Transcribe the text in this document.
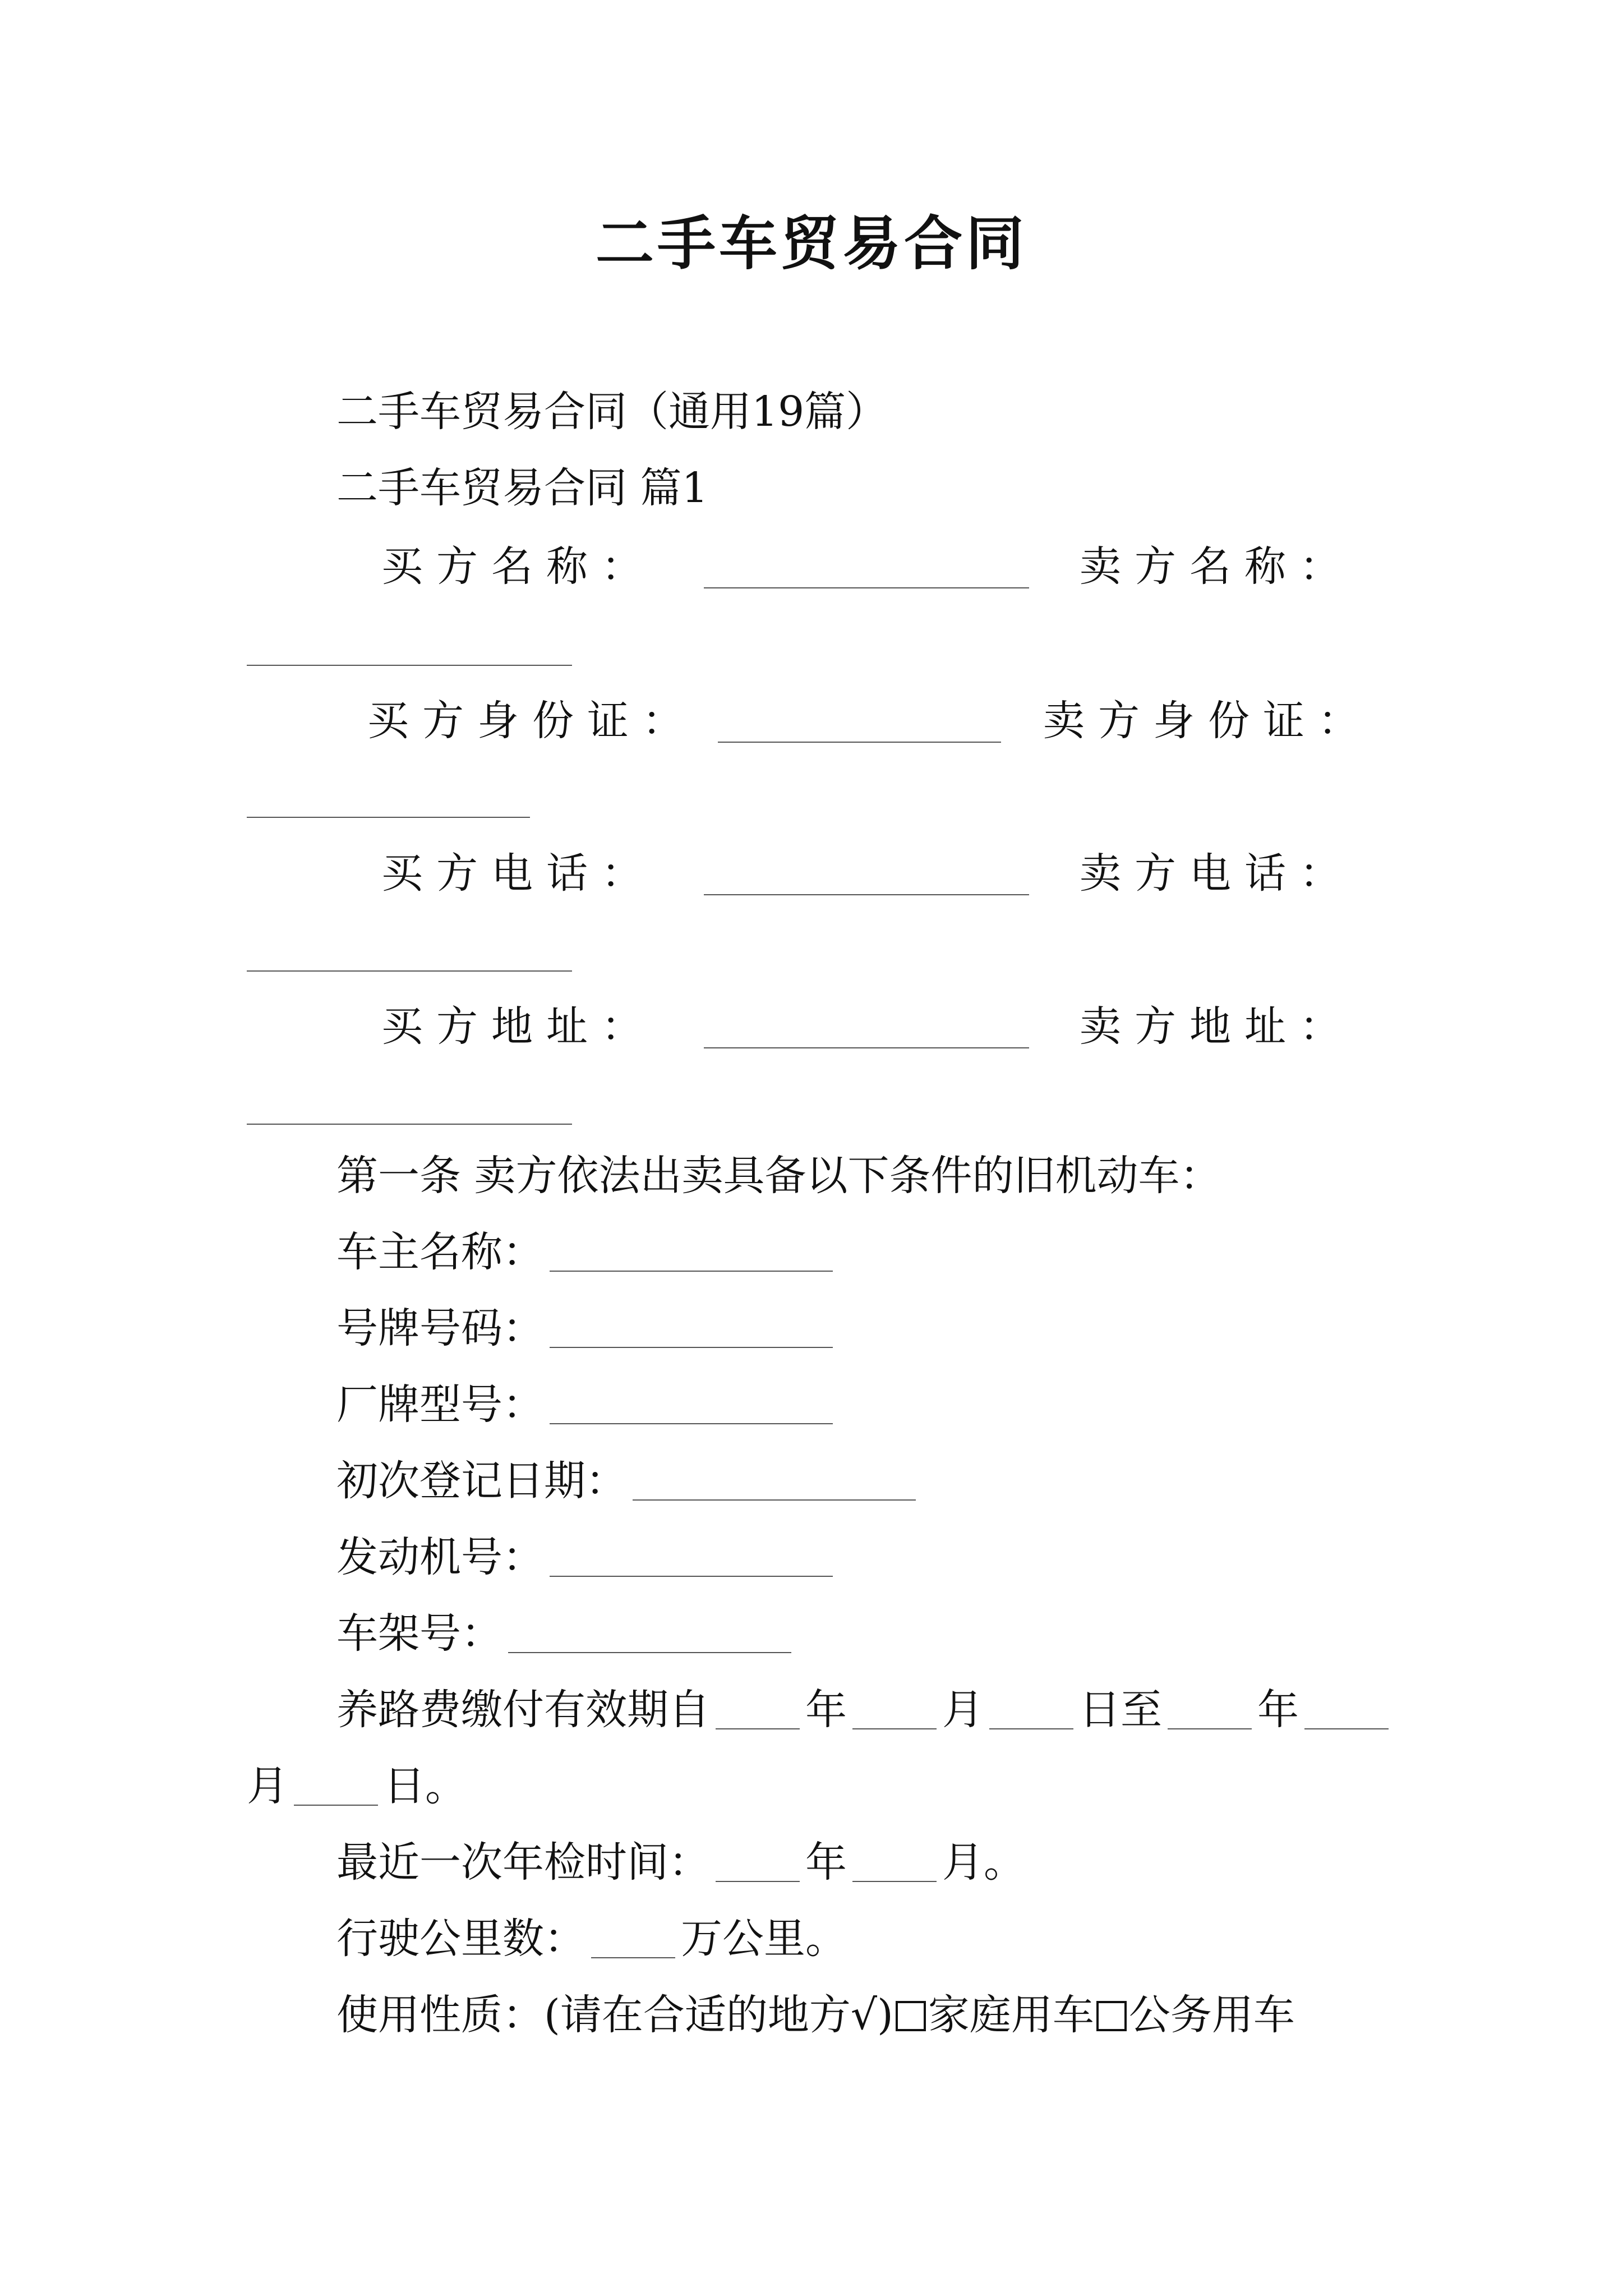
二手车贸易合同
二手车贸易合同（通用19篇）
二手车贸易合同 篇1
买方名称：	卖方名称：
买方身份证：	卖方身份证：
买方电话：	卖方电话：
买方地址：	卖方地址：
第一条 卖方依法出卖具备以下条件的旧机动车：
车主名称：
号牌号码：
厂牌型号：
初次登记日期：
发动机号：
车架号：
养路费缴付有效期自 年 月 日至 年
月 日。
最近一次年检时间： 年 月。
行驶公里数： 万公里。
使用性质：(请在合适的地方√) 家庭用车 公务用车
